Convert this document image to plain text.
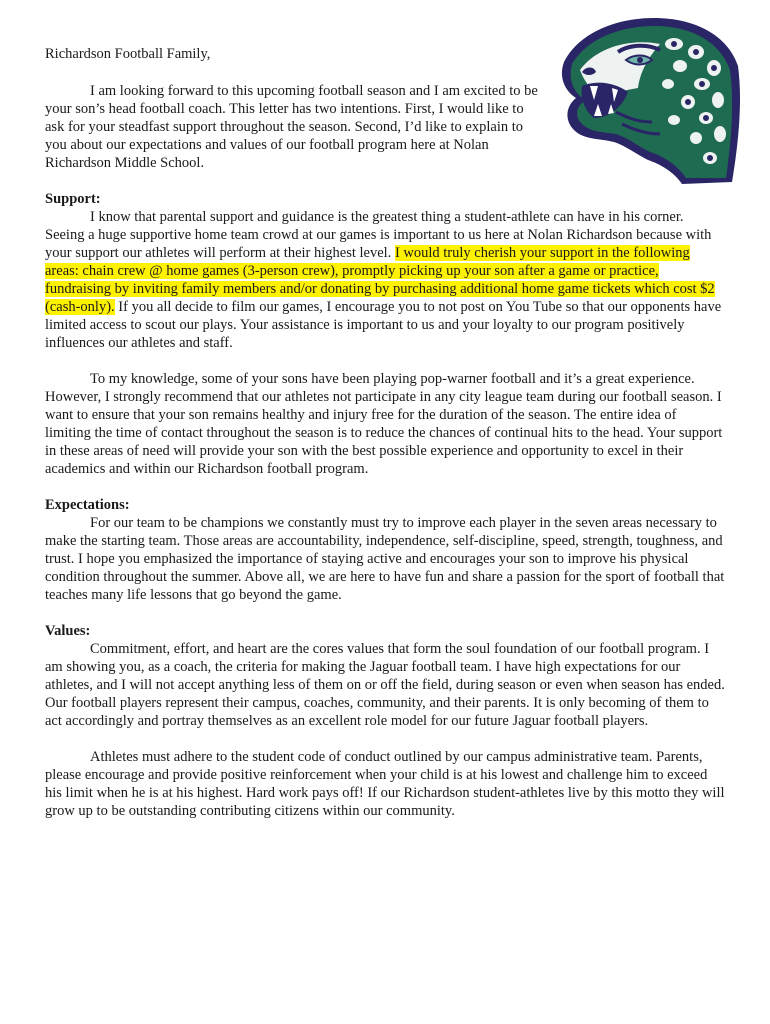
Richardson Football Family,

I am looking forward to this upcoming football season and I am excited to be your son’s head football coach. This letter has two intentions. First, I would like to ask for your steadfast support throughout the season. Second, I’d like to explain to you about our expectations and values of our football program here at Nolan Richardson Middle School.

Support:

I know that parental support and guidance is the greatest thing a student-athlete can have in his corner. Seeing a huge supportive home team crowd at our games is important to us here at Nolan Richardson because with your support our athletes will perform at their highest level. I would truly cherish your support in the following areas: chain crew @ home games (3-person crew), promptly picking up your son after a game or practice, fundraising by inviting family members and/or donating by purchasing additional home game tickets which cost $2 (cash-only). If you all decide to film our games, I encourage you to not post on You Tube so that our opponents have limited access to scout our plays. Your assistance is important to us and your loyalty to our program positively influences our athletes and staff.

To my knowledge, some of your sons have been playing pop-warner football and it’s a great experience. However, I strongly recommend that our athletes not participate in any city league team during our football season. I want to ensure that your son remains healthy and injury free for the duration of the season. The entire idea of limiting the time of contact throughout the season is to reduce the chances of continual hits to the head. Your support in these areas of need will provide your son with the best possible experience and opportunity to excel in their academics and within our Richardson football program.

Expectations:

For our team to be champions we constantly must try to improve each player in the seven areas necessary to make the starting team. Those areas are accountability, independence, self-discipline, speed, strength, toughness, and trust. I hope you emphasized the importance of staying active and encourages your son to improve his physical condition throughout the summer. Above all, we are here to have fun and share a passion for the sport of football that teaches many life lessons that go beyond the game.

Values:

Commitment, effort, and heart are the cores values that form the soul foundation of our football program. I am showing you, as a coach, the criteria for making the Jaguar football team. I have high expectations for our athletes, and I will not accept anything less of them on or off the field, during season or even when season has ended. Our football players represent their campus, coaches, community, and their parents. It is only becoming of them to act accordingly and portray themselves as an excellent role model for our future Jaguar football players.

Athletes must adhere to the student code of conduct outlined by our campus administrative team. Parents, please encourage and provide positive reinforcement when your child is at his lowest and challenge him to exceed his limit when he is at his highest. Hard work pays off! If our Richardson student-athletes live by this motto they will grow up to be outstanding contributing citizens within our community.
